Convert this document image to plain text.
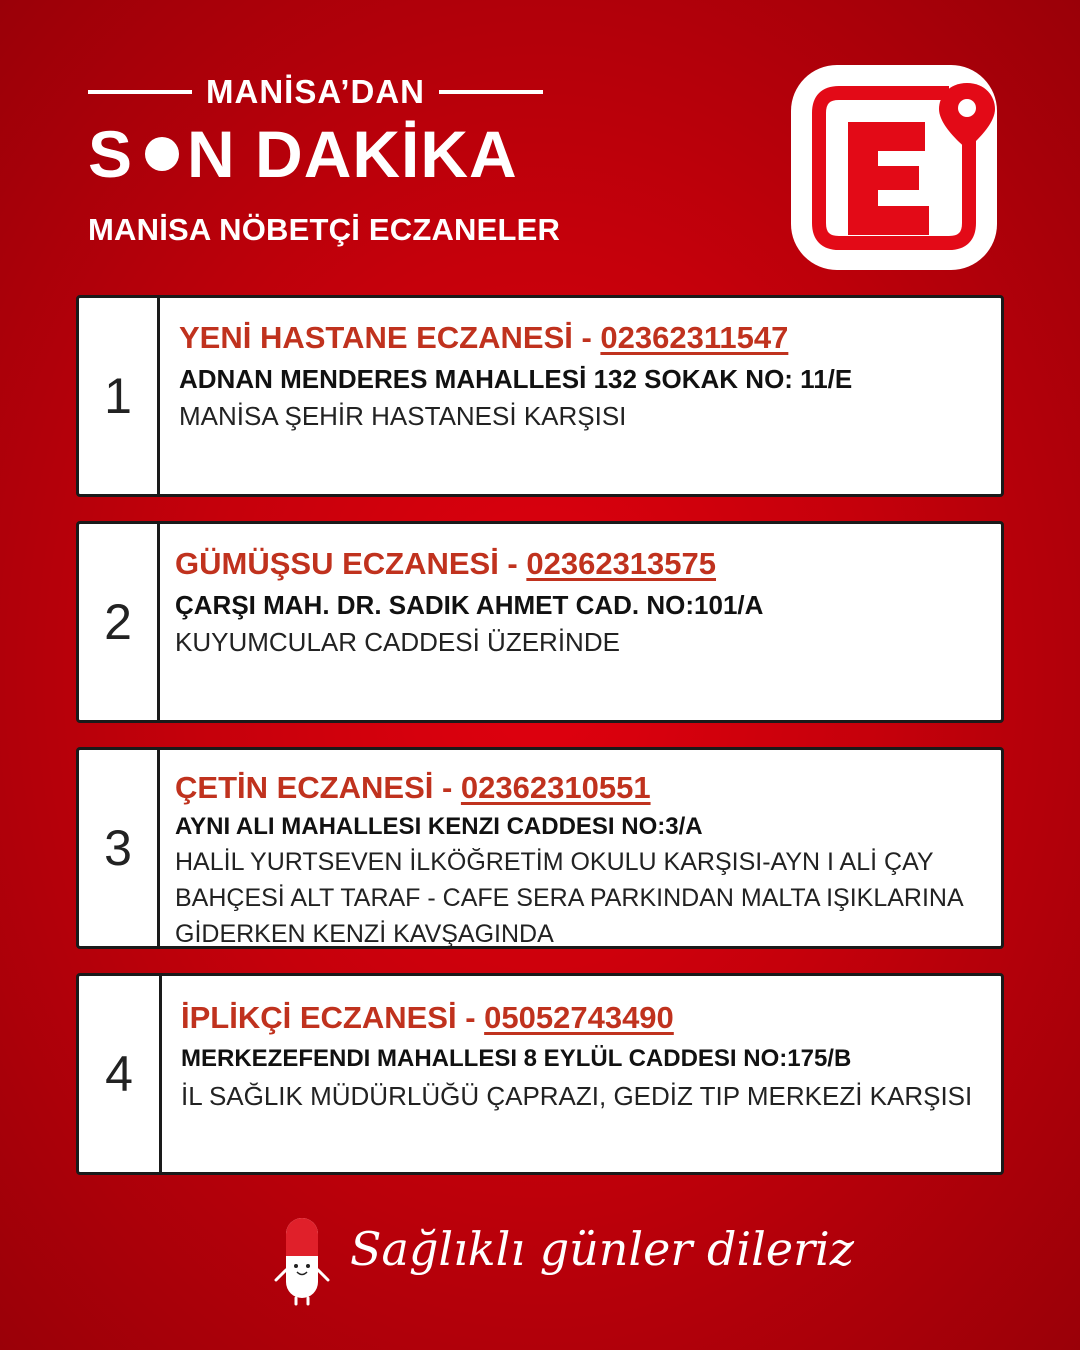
MANİSA’DAN
S N DAKİKA
MANİSA NÖBETÇİ ECZANELER
1
YENİ HASTANE ECZANESİ - 02362311547
ADNAN MENDERES MAHALLESİ 132 SOKAK NO: 11/E
MANİSA ŞEHİR HASTANESİ KARŞISI
2
GÜMÜŞSU ECZANESİ - 02362313575
ÇARŞI MAH. DR. SADIK AHMET CAD. NO:101/A
KUYUMCULAR CADDESİ ÜZERİNDE
3
ÇETİN ECZANESİ - 02362310551
AYNI ALI MAHALLESI KENZI CADDESI NO:3/A
HALİL YURTSEVEN İLKÖĞRETİM OKULU KARŞISI-AYN I ALİ ÇAY BAHÇESİ ALT TARAF - CAFE SERA PARKINDAN MALTA IŞIKLARINA GİDERKEN KENZİ KAVŞAGINDA
4
İPLİKÇİ ECZANESİ - 05052743490
MERKEZEFENDI MAHALLESI 8 EYLÜL CADDESI NO:175/B
İL SAĞLIK MÜDÜRLÜĞÜ ÇAPRAZI, GEDİZ TIP MERKEZİ KARŞISI
Sağlıklı günler dileriz
